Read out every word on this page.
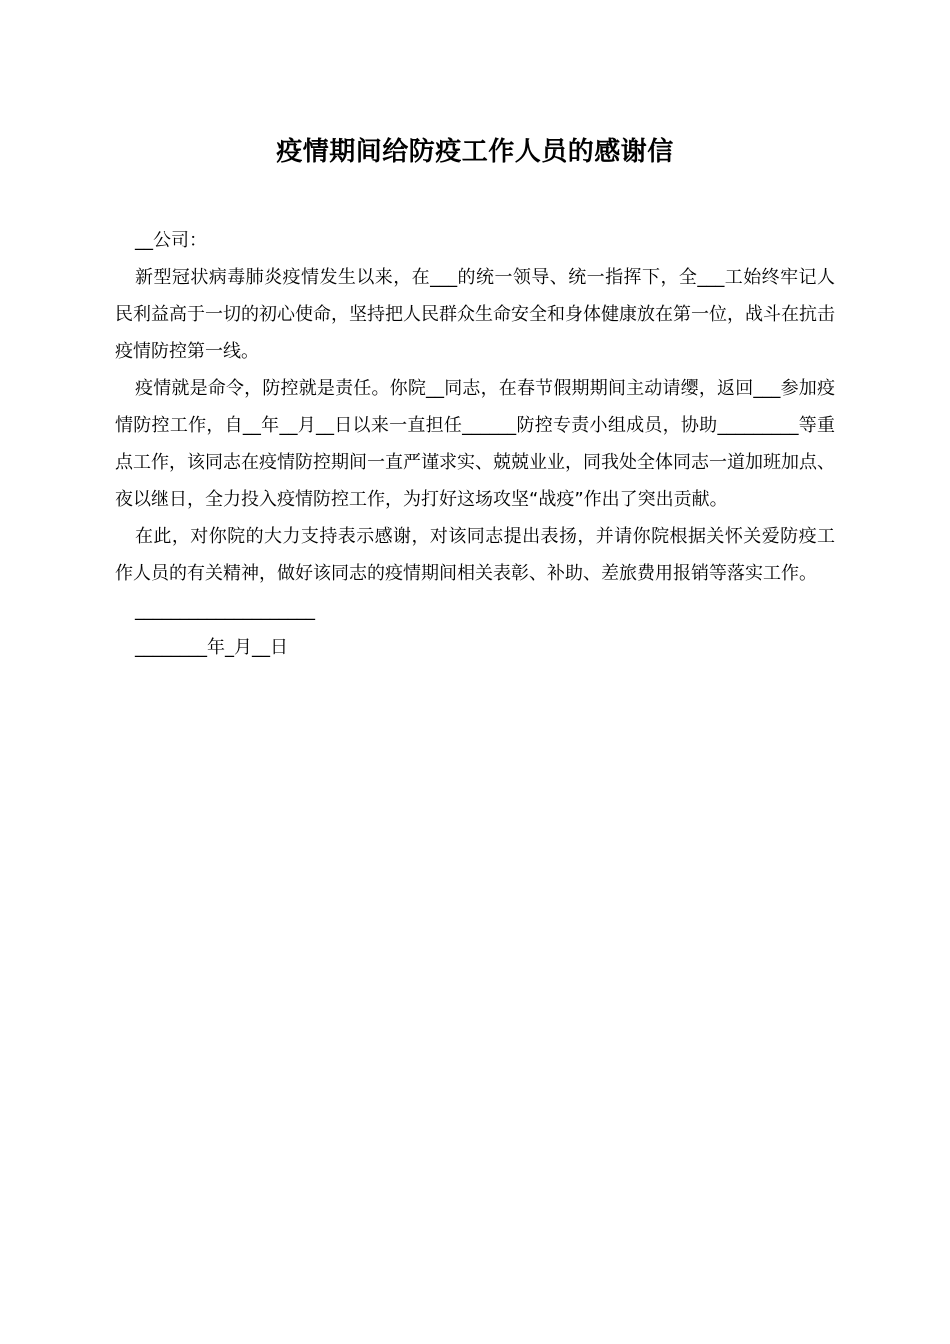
疫情期间给防疫工作人员的感谢信

__公司：

新型冠状病毒肺炎疫情发生以来，在___的统一领导、统一指挥下，全___工始终牢记人民利益高于一切的初心使命，坚持把人民群众生命安全和身体健康放在第一位，战斗在抗击疫情防控第一线。

疫情就是命令，防控就是责任。你院__同志，在春节假期期间主动请缨，返回___参加疫情防控工作，自__年__月__日以来一直担任______防控专责小组成员，协助_________等重点工作，该同志在疫情防控期间一直严谨求实、兢兢业业，同我处全体同志一道加班加点、夜以继日，全力投入疫情防控工作，为打好这场攻坚“战疫”作出了突出贡献。

在此，对你院的大力支持表示感谢，对该同志提出表扬，并请你院根据关怀关爱防疫工作人员的有关精神，做好该同志的疫情期间相关表彰、补助、差旅费用报销等落实工作。

____________________

________年_月__日
